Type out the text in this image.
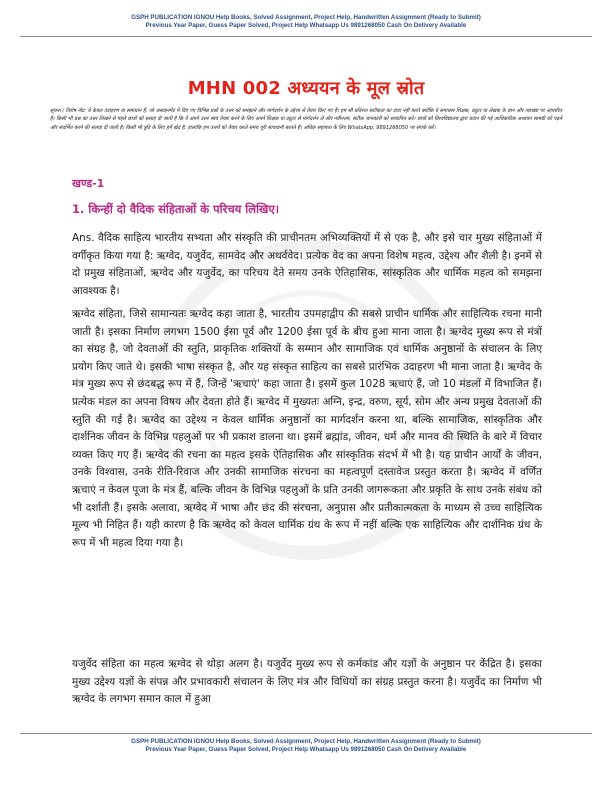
GSPH PUBLICATION IGNOU Help Books, Solved Assignment, Project Help, Handwritten Assignment (Ready to Submit)
Previous Year Paper, Guess Paper Solved, Project Help Whatsapp Us 9891268050 Cash On Delivery Available
MHN 002 अध्ययन के मूल स्रोत
सूचना / विशेष नोट: ये केवल उदाहरण या समाधान हैं, जो असाइनमेंट में दिए गए विभिन्न प्रश्नों के उत्तर को समझाने और मार्गदर्शन के उद्देश्य से तैयार किए गए हैं। हम सौ प्रतिशत सटीकता का दावा नहीं करते क्योंकि ये समाधान शिक्षक, ट्यूटर या लेखक के ज्ञान और व्याख्या पर आधारित हैं। किसी भी प्रश्न का उत्तर लिखने से पहले छात्रों को सलाह दी जाती है कि वे अपने उत्तर स्वयं तैयार करने के लिए अपने शिक्षक या ट्यूटर से मार्गदर्शन लें और नवीनतम, सटीक जानकारी को सत्यापित करें। छात्रों को विश्वविद्यालय द्वारा प्रदान की गई आधिकारिक अध्ययन सामग्री को पढ़ने और संदर्भित करने की सलाह दी जाती है। किसी भी त्रुटि के लिए हमें खेद है, हालांकि हम उत्तरों को तैयार करते समय पूरी सावधानी बरतते हैं। अधिक सहायता के लिए WhatsApp: 9891268050 पर संपर्क करें।
खण्ड-1
1. किन्हीं दो वैदिक संहिताओं के परिचय लिखिए।

Ans. वैदिक साहित्य भारतीय सभ्यता और संस्कृति की प्राचीनतम अभिव्यक्तियों में से एक है, और इसे चार मुख्य संहिताओं में वर्गीकृत किया गया है: ऋग्वेद, यजुर्वेद, सामवेद और अथर्ववेद। प्रत्येक वेद का अपना विशेष महत्व, उद्देश्य और शैली है। इनमें से दो प्रमुख संहिताओं, ऋग्वेद और यजुर्वेद, का परिचय देते समय उनके ऐतिहासिक, सांस्कृतिक और धार्मिक महत्व को समझना आवश्यक है।

ऋग्वेद संहिता, जिसे सामान्यतः ऋग्वेद कहा जाता है, भारतीय उपमहाद्वीप की सबसे प्राचीन धार्मिक और साहित्यिक रचना मानी जाती है। इसका निर्माण लगभग 1500 ईसा पूर्व और 1200 ईसा पूर्व के बीच हुआ माना जाता है। ऋग्वेद मुख्य रूप से मंत्रों का संग्रह है, जो देवताओं की स्तुति, प्राकृतिक शक्तियों के सम्मान और सामाजिक एवं धार्मिक अनुष्ठानों के संचालन के लिए प्रयोग किए जाते थे। इसकी भाषा संस्कृत है, और यह संस्कृत साहित्य का सबसे प्रारंभिक उदाहरण भी माना जाता है। ऋग्वेद के मंत्र मुख्य रूप से छंदबद्ध रूप में हैं, जिन्हें 'ऋचाएं' कहा जाता है। इसमें कुल 1028 ऋचाएं हैं, जो 10 मंडलों में विभाजित हैं। प्रत्येक मंडल का अपना विषय और देवता होते हैं। ऋग्वेद में मुख्यतः अग्नि, इन्द्र, वरुण, सूर्य, सोम और अन्य प्रमुख देवताओं की स्तुति की गई है। ऋग्वेद का उद्देश्य न केवल धार्मिक अनुष्ठानों का मार्गदर्शन करना था, बल्कि सामाजिक, सांस्कृतिक और दार्शनिक जीवन के विभिन्न पहलुओं पर भी प्रकाश डालना था। इसमें ब्रह्मांड, जीवन, धर्म और मानव की स्थिति के बारे में विचार व्यक्त किए गए हैं। ऋग्वेद की रचना का महत्व इसके ऐतिहासिक और सांस्कृतिक संदर्भ में भी है। यह प्राचीन आर्यों के जीवन, उनके विश्वास, उनके रीति-रिवाज और उनकी सामाजिक संरचना का महत्वपूर्ण दस्तावेज प्रस्तुत करता है। ऋग्वेद में वर्णित ऋचाएं न केवल पूजा के मंत्र हैं, बल्कि जीवन के विभिन्न पहलुओं के प्रति उनकी जागरूकता और प्रकृति के साथ उनके संबंध को भी दर्शाती हैं। इसके अलावा, ऋग्वेद में भाषा और छंद की संरचना, अनुप्रास और प्रतीकात्मकता के माध्यम से उच्च साहित्यिक मूल्य भी निहित हैं। यही कारण है कि ऋग्वेद को केवल धार्मिक ग्रंथ के रूप में नहीं बल्कि एक साहित्यिक और दार्शनिक ग्रंथ के रूप में भी महत्व दिया गया है।

यजुर्वेद संहिता का महत्व ऋग्वेद से थोड़ा अलग है। यजुर्वेद मुख्य रूप से कर्मकांड और यज्ञों के अनुष्ठान पर केंद्रित है। इसका मुख्य उद्देश्य यज्ञों के संपन्न और प्रभावकारी संचालन के लिए मंत्र और विधियों का संग्रह प्रस्तुत करना है। यजुर्वेद का निर्माण भी ऋग्वेद के लगभग समान काल में हुआ

GSPH PUBLICATION IGNOU Help Books, Solved Assignment, Project Help, Handwritten Assignment (Ready to Submit)
Previous Year Paper, Guess Paper Solved, Project Help Whatsapp Us 9891268050 Cash On Delivery Available
